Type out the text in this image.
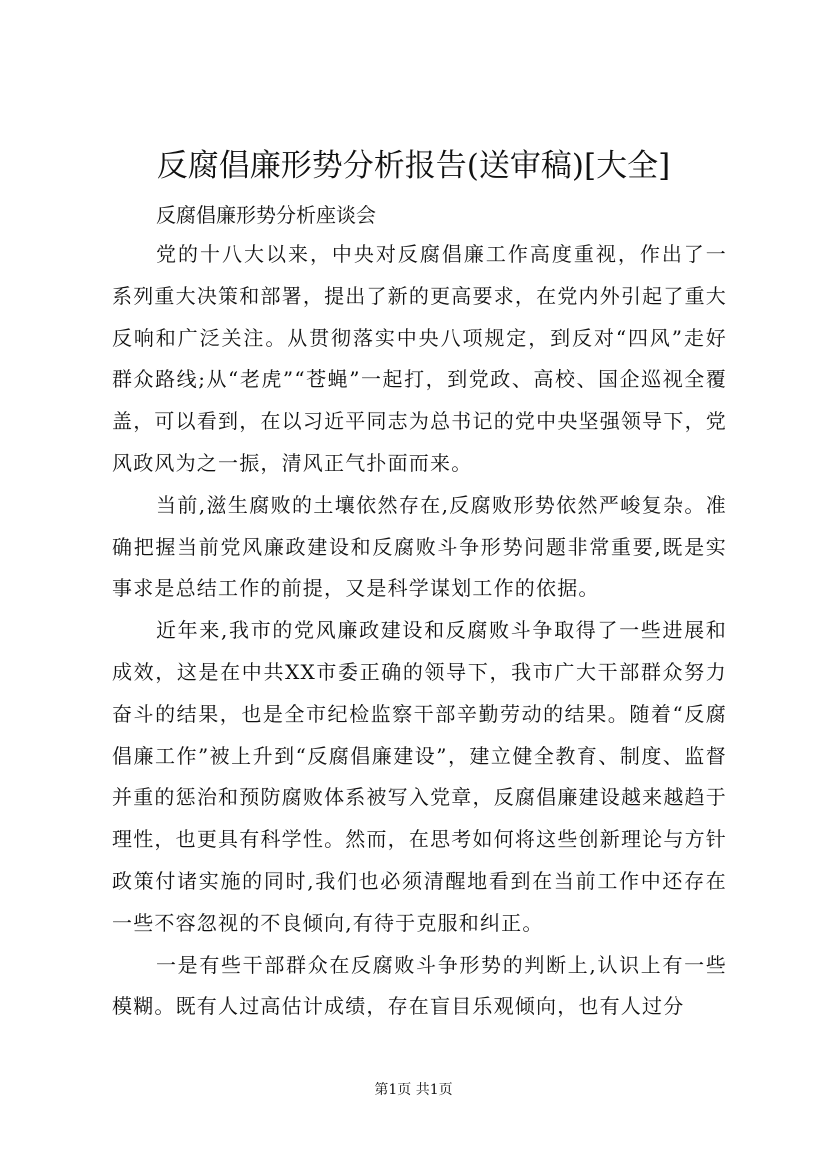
反腐倡廉形势分析报告(送审稿)[大全]

反腐倡廉形势分析座谈会

党的十八大以来，中央对反腐倡廉工作高度重视，作出了一系列重大决策和部署，提出了新的更高要求，在党内外引起了重大反响和广泛关注。从贯彻落实中央八项规定，到反对“四风”走好群众路线;从“老虎”“苍蝇”一起打，到党政、高校、国企巡视全覆盖，可以看到，在以习近平同志为总书记的党中央坚强领导下，党风政风为之一振，清风正气扑面而来。

当前,滋生腐败的土壤依然存在,反腐败形势依然严峻复杂。准确把握当前党风廉政建设和反腐败斗争形势问题非常重要,既是实事求是总结工作的前提，又是科学谋划工作的依据。

近年来,我市的党风廉政建设和反腐败斗争取得了一些进展和成效，这是在中共XX市委正确的领导下，我市广大干部群众努力奋斗的结果，也是全市纪检监察干部辛勤劳动的结果。随着“反腐倡廉工作”被上升到“反腐倡廉建设”，建立健全教育、制度、监督并重的惩治和预防腐败体系被写入党章，反腐倡廉建设越来越趋于理性，也更具有科学性。然而，在思考如何将这些创新理论与方针政策付诸实施的同时,我们也必须清醒地看到在当前工作中还存在一些不容忽视的不良倾向,有待于克服和纠正。

一是有些干部群众在反腐败斗争形势的判断上,认识上有一些模糊。既有人过高估计成绩，存在盲目乐观倾向，也有人过分

第1页 共1页
